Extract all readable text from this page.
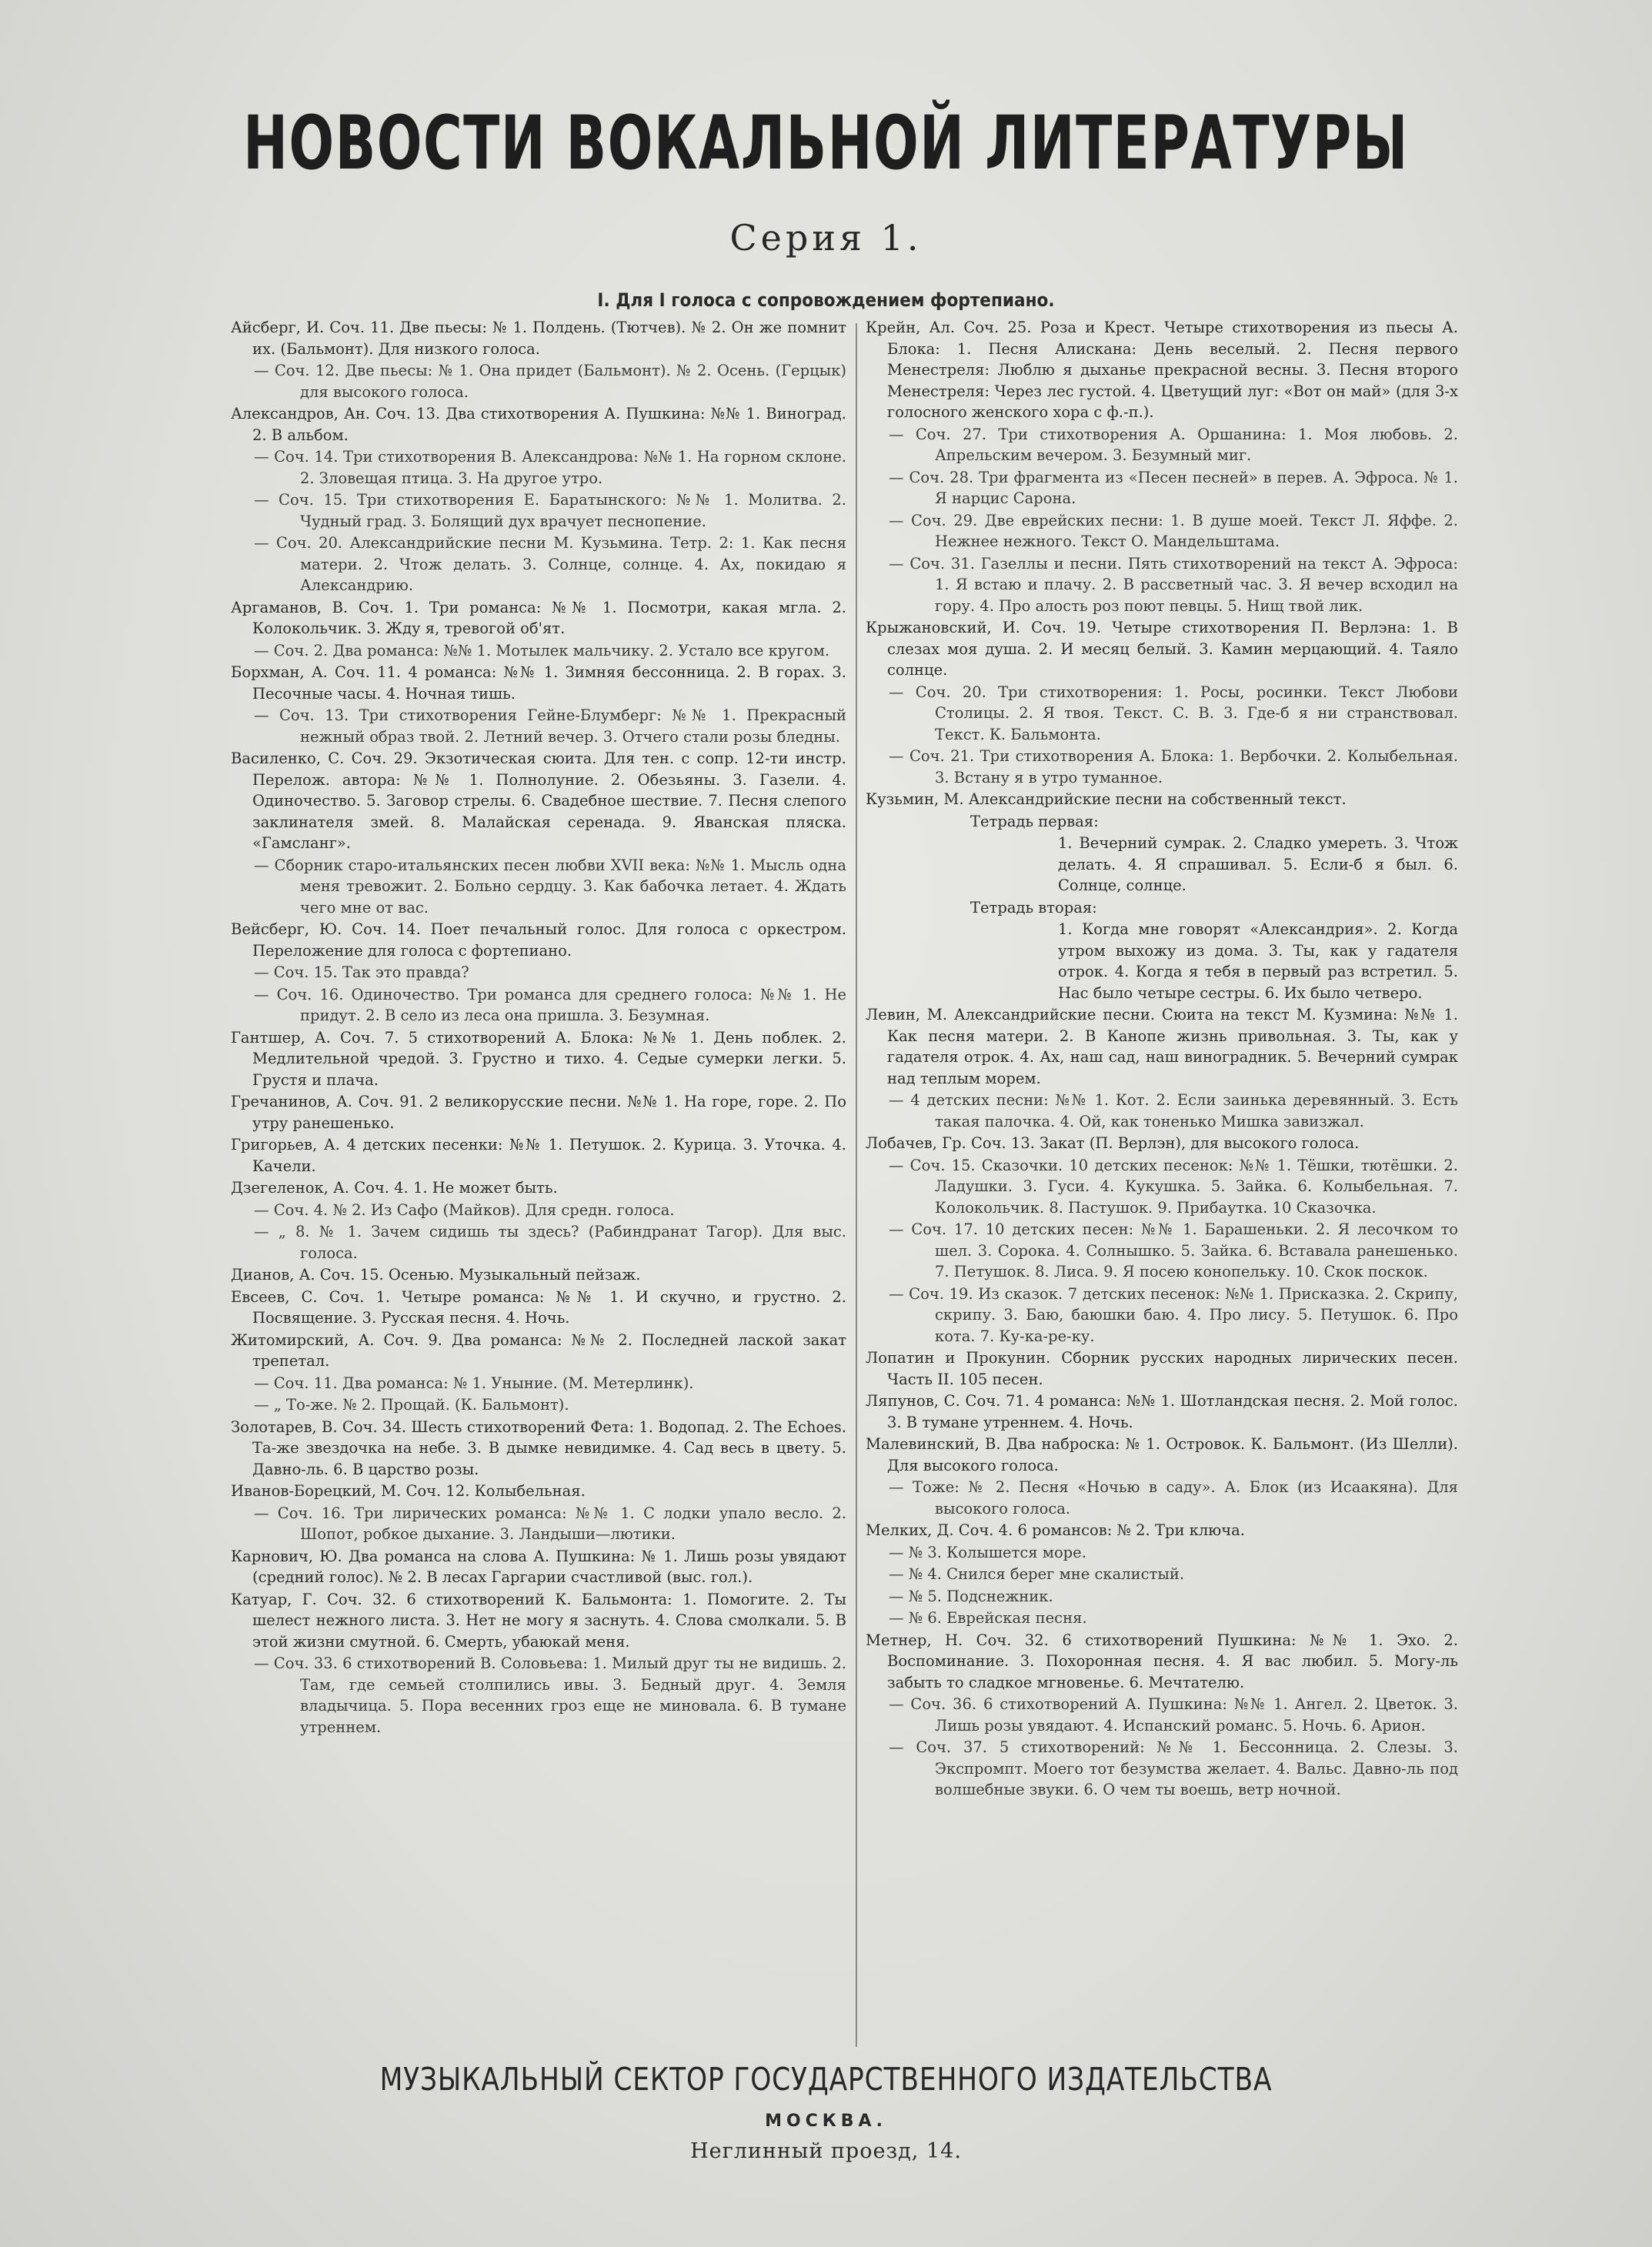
НОВОСТИ ВОКАЛЬНОЙ ЛИТЕРАТУРЫ
Серия 1.
I. Для I голоса с сопровождением фортепиано.

Айсберг, И. Соч. 11. Две пьесы: № 1. Полдень. (Тютчев). № 2. Он же помнит их. (Бальмонт). Для низкого голоса.

— Соч. 12. Две пьесы: № 1. Она придет (Бальмонт). № 2. Осень. (Герцык) для высокого голоса.

Александров, Ан. Соч. 13. Два стихотворения А. Пушкина: №№ 1. Виноград. 2. В альбом.

— Соч. 14. Три стихотворения В. Александрова: №№ 1. На горном склоне. 2. Зловещая птица. 3. На другое утро.

— Соч. 15. Три стихотворения Е. Баратынского: №№ 1. Молитва. 2. Чудный град. 3. Болящий дух врачует песнопение.

— Соч. 20. Александрийские песни М. Кузьмина. Тетр. 2: 1. Как песня матери. 2. Чтож делать. 3. Солнце, солнце. 4. Ах, покидаю я Александрию.

Аргаманов, В. Соч. 1. Три романса: №№ 1. Посмотри, какая мгла. 2. Колокольчик. 3. Жду я, тревогой об'ят.

— Соч. 2. Два романса: №№ 1. Мотылек мальчику. 2. Устало все кругом.

Борхман, А. Соч. 11. 4 романса: №№ 1. Зимняя бессонница. 2. В горах. 3. Песочные часы. 4. Ночная тишь.

— Соч. 13. Три стихотворения Гейне-Блумберг: №№ 1. Прекрасный нежный образ твой. 2. Летний вечер. 3. Отчего стали розы бледны.

Василенко, С. Соч. 29. Экзотическая сюита. Для тен. с сопр. 12-ти инстр. Перелож. автора: №№ 1. Полнолуние. 2. Обезьяны. 3. Газели. 4. Одиночество. 5. Заговор стрелы. 6. Свадебное шествие. 7. Песня слепого заклинателя змей. 8. Малайская серенада. 9. Яванская пляска. «Гамсланг».

— Сборник старо-итальянских песен любви XVII века: №№ 1. Мысль одна меня тревожит. 2. Больно сердцу. 3. Как бабочка летает. 4. Ждать чего мне от вас.

Вейсберг, Ю. Соч. 14. Поет печальный голос. Для голоса с оркестром. Переложение для голоса с фортепиано.

— Соч. 15. Так это правда?

— Соч. 16. Одиночество. Три романса для среднего голоса: №№ 1. Не придут. 2. В село из леса она пришла. 3. Безумная.

Гантшер, А. Соч. 7. 5 стихотворений А. Блока: №№ 1. День поблек. 2. Медлительной чредой. 3. Грустно и тихо. 4. Седые сумерки легки. 5. Грустя и плача.

Гречанинов, А. Соч. 91. 2 великорусские песни. №№ 1. На горе, горе. 2. По утру ранешенько.

Григорьев, А. 4 детских песенки: №№ 1. Петушок. 2. Курица. 3. Уточка. 4. Качели.

Дзегеленок, А. Соч. 4. 1. Не может быть.

— Соч. 4. № 2. Из Сафо (Майков). Для средн. голоса.

— „ 8. № 1. Зачем сидишь ты здесь? (Рабиндранат Тагор). Для выс. голоса.

Дианов, А. Соч. 15. Осенью. Музыкальный пейзаж.

Евсеев, С. Соч. 1. Четыре романса: №№ 1. И скучно, и грустно. 2. Посвящение. 3. Русская песня. 4. Ночь.

Житомирский, А. Соч. 9. Два романса: №№ 2. Последней лаской закат трепетал.

— Соч. 11. Два романса: № 1. Уныние. (М. Метерлинк).

— „ То-же. № 2. Прощай. (К. Бальмонт).

Золотарев, В. Соч. 34. Шесть стихотворений Фета: 1. Водопад. 2. The Echoes. Та-же звездочка на небе. 3. В дымке невидимке. 4. Сад весь в цвету. 5. Давно-ль. 6. В царство розы.

Иванов-Борецкий, М. Соч. 12. Колыбельная.

— Соч. 16. Три лирических романса: №№ 1. С лодки упало весло. 2. Шопот, робкое дыхание. 3. Ландыши—лютики.

Карнович, Ю. Два романса на слова А. Пушкина: № 1. Лишь розы увядают (средний голос). № 2. В лесах Гаргарии счастливой (выс. гол.).

Катуар, Г. Соч. 32. 6 стихотворений К. Бальмонта: 1. Помогите. 2. Ты шелест нежного листа. 3. Нет не могу я заснуть. 4. Слова смолкали. 5. В этой жизни смутной. 6. Смерть, убаюкай меня.

— Соч. 33. 6 стихотворений В. Соловьева: 1. Милый друг ты не видишь. 2. Там, где семьей столпились ивы. 3. Бедный друг. 4. Земля владычица. 5. Пора весенних гроз еще не миновала. 6. В тумане утреннем.

Крейн, Ал. Соч. 25. Роза и Крест. Четыре стихотворения из пьесы А. Блока: 1. Песня Алискана: День веселый. 2. Песня первого Менестреля: Люблю я дыханье прекрасной весны. 3. Песня второго Менестреля: Через лес густой. 4. Цветущий луг: «Вот он май» (для 3-х голосного женского хора с ф.-п.).

— Соч. 27. Три стихотворения А. Оршанина: 1. Моя любовь. 2. Апрельским вечером. 3. Безумный миг.

— Соч. 28. Три фрагмента из «Песен песней» в перев. А. Эфроса. № 1. Я нарцис Сарона.

— Соч. 29. Две еврейских песни: 1. В душе моей. Текст Л. Яффе. 2. Нежнее нежного. Текст О. Мандельштама.

— Соч. 31. Газеллы и песни. Пять стихотворений на текст А. Эфроса: 1. Я встаю и плачу. 2. В рассветный час. 3. Я вечер всходил на гору. 4. Про алость роз поют певцы. 5. Нищ твой лик.

Крыжановский, И. Соч. 19. Четыре стихотворения П. Верлэна: 1. В слезах моя душа. 2. И месяц белый. 3. Камин мерцающий. 4. Таяло солнце.

— Соч. 20. Три стихотворения: 1. Росы, росинки. Текст Любови Столицы. 2. Я твоя. Текст. С. В. 3. Где-б я ни странствовал. Текст. К. Бальмонта.

— Соч. 21. Три стихотворения А. Блока: 1. Вербочки. 2. Колыбельная. 3. Встану я в утро туманное.

Кузьмин, М. Александрийские песни на собственный текст.

Тетрадь первая:

1. Вечерний сумрак. 2. Сладко умереть. 3. Чтож делать. 4. Я спрашивал. 5. Если-б я был. 6. Солнце, солнце.

Тетрадь вторая:

1. Когда мне говорят «Александрия». 2. Когда утром выхожу из дома. 3. Ты, как у гадателя отрок. 4. Когда я тебя в первый раз встретил. 5. Нас было четыре сестры. 6. Их было четверо.

Левин, М. Александрийские песни. Сюита на текст М. Кузмина: №№ 1. Как песня матери. 2. В Канопе жизнь привольная. 3. Ты, как у гадателя отрок. 4. Ах, наш сад, наш виноградник. 5. Вечерний сумрак над теплым морем.

— 4 детских песни: №№ 1. Кот. 2. Если заинька деревянный. 3. Есть такая палочка. 4. Ой, как тоненько Мишка завизжал.

Лобачев, Гр. Соч. 13. Закат (П. Верлэн), для высокого голоса.

— Соч. 15. Сказочки. 10 детских песенок: №№ 1. Тёшки, тютёшки. 2. Ладушки. 3. Гуси. 4. Кукушка. 5. Зайка. 6. Колыбельная. 7. Колокольчик. 8. Пастушок. 9. Прибаутка. 10 Сказочка.

— Соч. 17. 10 детских песен: №№ 1. Барашеньки. 2. Я лесочком то шел. 3. Сорока. 4. Солнышко. 5. Зайка. 6. Вставала ранешенько. 7. Петушок. 8. Лиса. 9. Я посею конопельку. 10. Скок поскок.

— Соч. 19. Из сказок. 7 детских песенок: №№ 1. Присказка. 2. Скрипу, скрипу. 3. Баю, баюшки баю. 4. Про лису. 5. Петушок. 6. Про кота. 7. Ку-ка-ре-ку.

Лопатин и Прокунин. Сборник русских народных лирических песен. Часть II. 105 песен.

Ляпунов, С. Соч. 71. 4 романса: №№ 1. Шотландская песня. 2. Мой голос. 3. В тумане утреннем. 4. Ночь.

Малевинский, В. Два наброска: № 1. Островок. К. Бальмонт. (Из Шелли). Для высокого голоса.

— Тоже: № 2. Песня «Ночью в саду». А. Блок (из Исаакяна). Для высокого голоса.

Мелких, Д. Соч. 4. 6 романсов: № 2. Три ключа.

— № 3. Колышется море.

— № 4. Снился берег мне скалистый.

— № 5. Подснежник.

— № 6. Еврейская песня.

Метнер, Н. Соч. 32. 6 стихотворений Пушкина: №№ 1. Эхо. 2. Воспоминание. 3. Похоронная песня. 4. Я вас любил. 5. Могу-ль забыть то сладкое мгновенье. 6. Мечтателю.

— Соч. 36. 6 стихотворений А. Пушкина: №№ 1. Ангел. 2. Цветок. 3. Лишь розы увядают. 4. Испанский романс. 5. Ночь. 6. Арион.

— Соч. 37. 5 стихотворений: №№ 1. Бессонница. 2. Слезы. 3. Экспромпт. Моего тот безумства желает. 4. Вальс. Давно-ль под волшебные звуки. 6. О чем ты воешь, ветр ночной.

МУЗЫКАЛЬНЫЙ СЕКТОР ГОСУДАРСТВЕННОГО ИЗДАТЕЛЬСТВА
МОСКВА.
Неглинный проезд, 14.
